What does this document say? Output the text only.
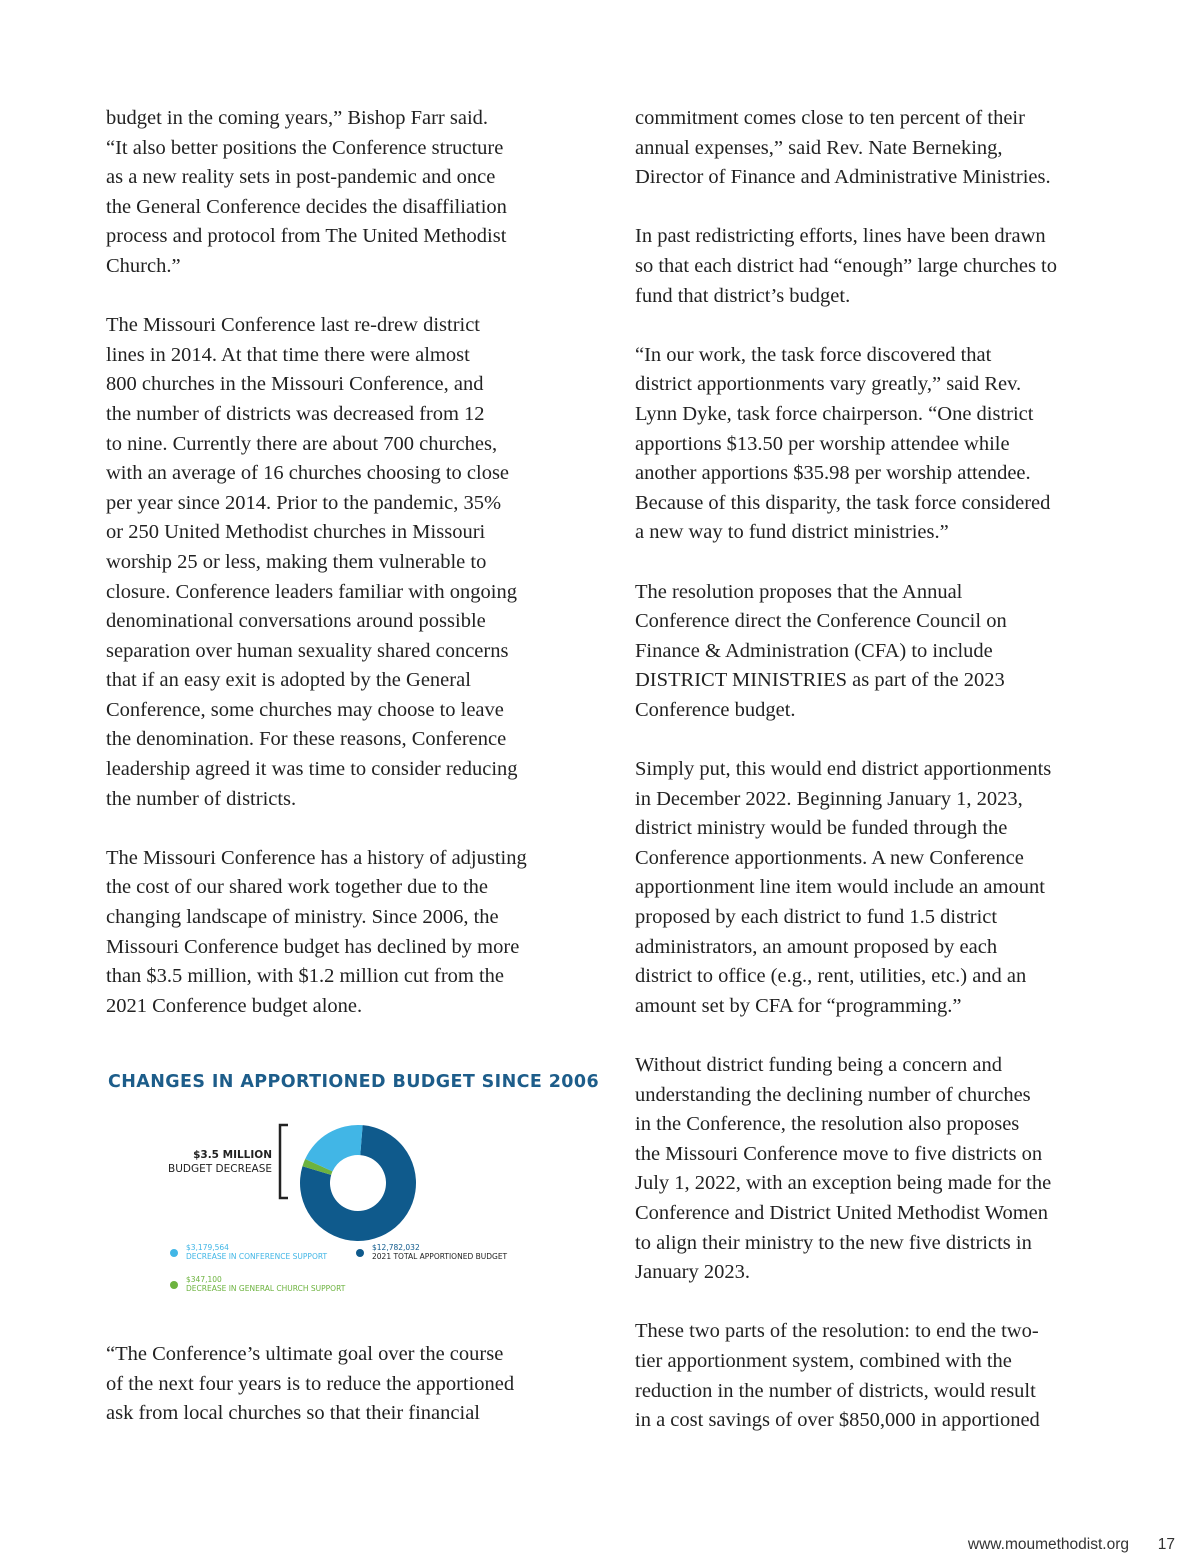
budget in the coming years,” Bishop Farr said.
“It also better positions the Conference structure
as a new reality sets in post-pandemic and once
the General Conference decides the disaffiliation
process and protocol from The United Methodist
Church.”

The Missouri Conference last re-drew district
lines in 2014. At that time there were almost
800 churches in the Missouri Conference, and
the number of districts was decreased from 12
to nine. Currently there are about 700 churches,
with an average of 16 churches choosing to close
per year since 2014. Prior to the pandemic, 35%
or 250 United Methodist churches in Missouri
worship 25 or less, making them vulnerable to
closure. Conference leaders familiar with ongoing
denominational conversations around possible
separation over human sexuality shared concerns
that if an easy exit is adopted by the General
Conference, some churches may choose to leave
the denomination. For these reasons, Conference
leadership agreed it was time to consider reducing
the number of districts.

The Missouri Conference has a history of adjusting
the cost of our shared work together due to the
changing landscape of ministry. Since 2006, the
Missouri Conference budget has declined by more
than $3.5 million, with $1.2 million cut from the
2021 Conference budget alone.

CHANGES IN APPORTIONED BUDGET SINCE 2006
$3.5 MILLION
BUDGET DECREASE
$3,179,564
DECREASE IN CONFERENCE SUPPORT
$12,782,032
2021 TOTAL APPORTIONED BUDGET
$347,100
DECREASE IN GENERAL CHURCH SUPPORT

“The Conference’s ultimate goal over the course
of the next four years is to reduce the apportioned
ask from local churches so that their financial

commitment comes close to ten percent of their
annual expenses,” said Rev. Nate Berneking,
Director of Finance and Administrative Ministries.

In past redistricting efforts, lines have been drawn
so that each district had “enough” large churches to
fund that district’s budget.

“In our work, the task force discovered that
district apportionments vary greatly,” said Rev.
Lynn Dyke, task force chairperson. “One district
apportions $13.50 per worship attendee while
another apportions $35.98 per worship attendee.
Because of this disparity, the task force considered
a new way to fund district ministries.”

The resolution proposes that the Annual
Conference direct the Conference Council on
Finance & Administration (CFA) to include
DISTRICT MINISTRIES as part of the 2023
Conference budget.

Simply put, this would end district apportionments
in December 2022. Beginning January 1, 2023,
district ministry would be funded through the
Conference apportionments. A new Conference
apportionment line item would include an amount
proposed by each district to fund 1.5 district
administrators, an amount proposed by each
district to office (e.g., rent, utilities, etc.) and an
amount set by CFA for “programming.”

Without district funding being a concern and
understanding the declining number of churches
in the Conference, the resolution also proposes
the Missouri Conference move to five districts on
July 1, 2022, with an exception being made for the
Conference and District United Methodist Women
to align their ministry to the new five districts in
January 2023.

These two parts of the resolution: to end the two-
tier apportionment system, combined with the
reduction in the number of districts, would result
in a cost savings of over $850,000 in apportioned

www.moumethodist.org 17
